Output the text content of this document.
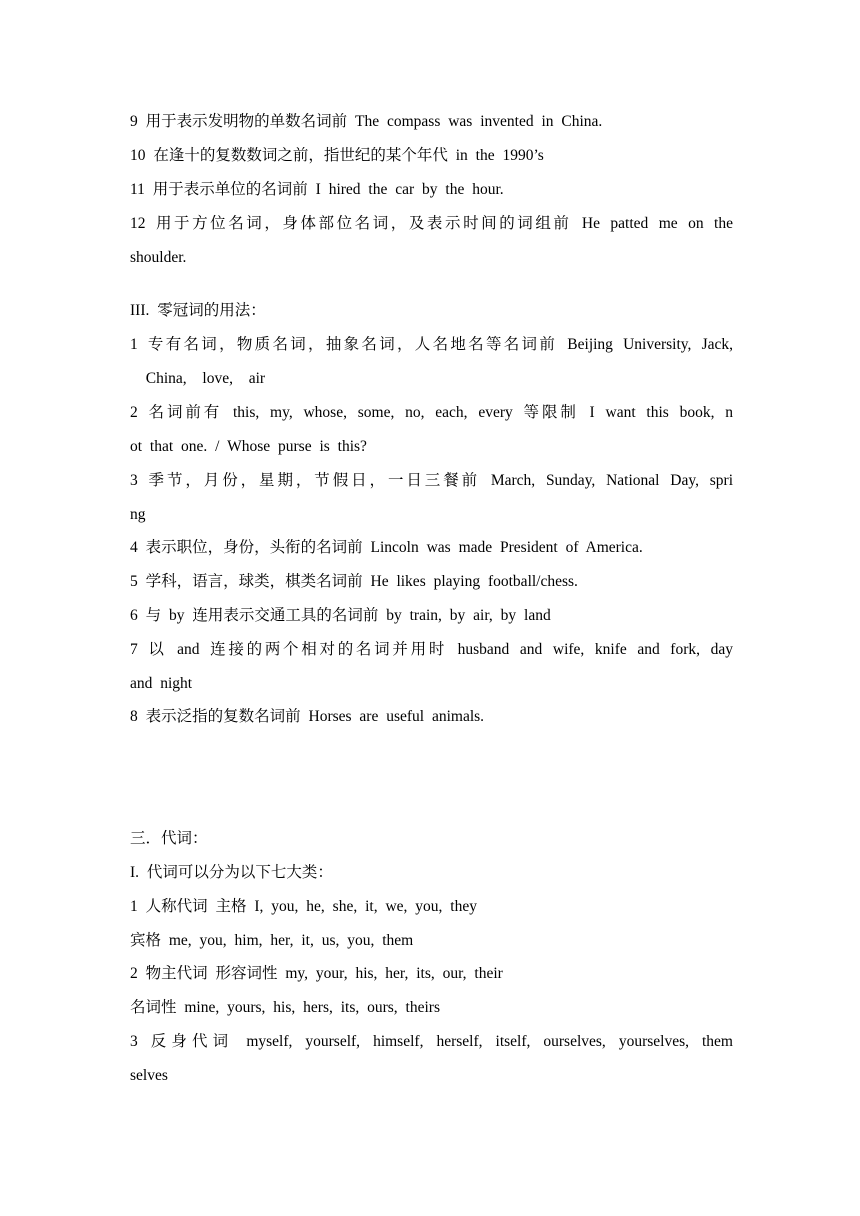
9 用于表示发明物的单数名词前 The compass was invented in China.
10 在逢十的复数数词之前，指世纪的某个年代 in the 1990’s
11 用于表示单位的名词前 I hired the car by the hour.
12 用于方位名词，身体部位名词，及表示时间的词组前 He patted me on the
shoulder.
III. 零冠词的用法：
1 专有名词，物质名词，抽象名词，人名地名等名词前 Beijing University, Jack,
China,  love,  air
2 名词前有 this, my, whose, some, no, each, every 等限制 I want this book, n
ot that one. / Whose purse is this?
3 季节，月份，星期，节假日，一日三餐前 March, Sunday, National Day, spri
ng
4 表示职位，身份，头衔的名词前 Lincoln was made President of America.
5 学科，语言，球类，棋类名词前 He likes playing football/chess.
6 与 by 连用表示交通工具的名词前 by train, by air, by land
7 以 and 连接的两个相对的名词并用时 husband and wife, knife and fork, day
and night
8 表示泛指的复数名词前 Horses are useful animals.
三．代词：
I. 代词可以分为以下七大类：
1 人称代词 主格 I, you, he, she, it, we, you, they
宾格 me, you, him, her, it, us, you, them
2 物主代词 形容词性 my, your, his, her, its, our, their
名词性 mine, yours, his, hers, its, ours, theirs
3 反身代词 myself, yourself, himself, herself, itself, ourselves, yourselves, them
selves
